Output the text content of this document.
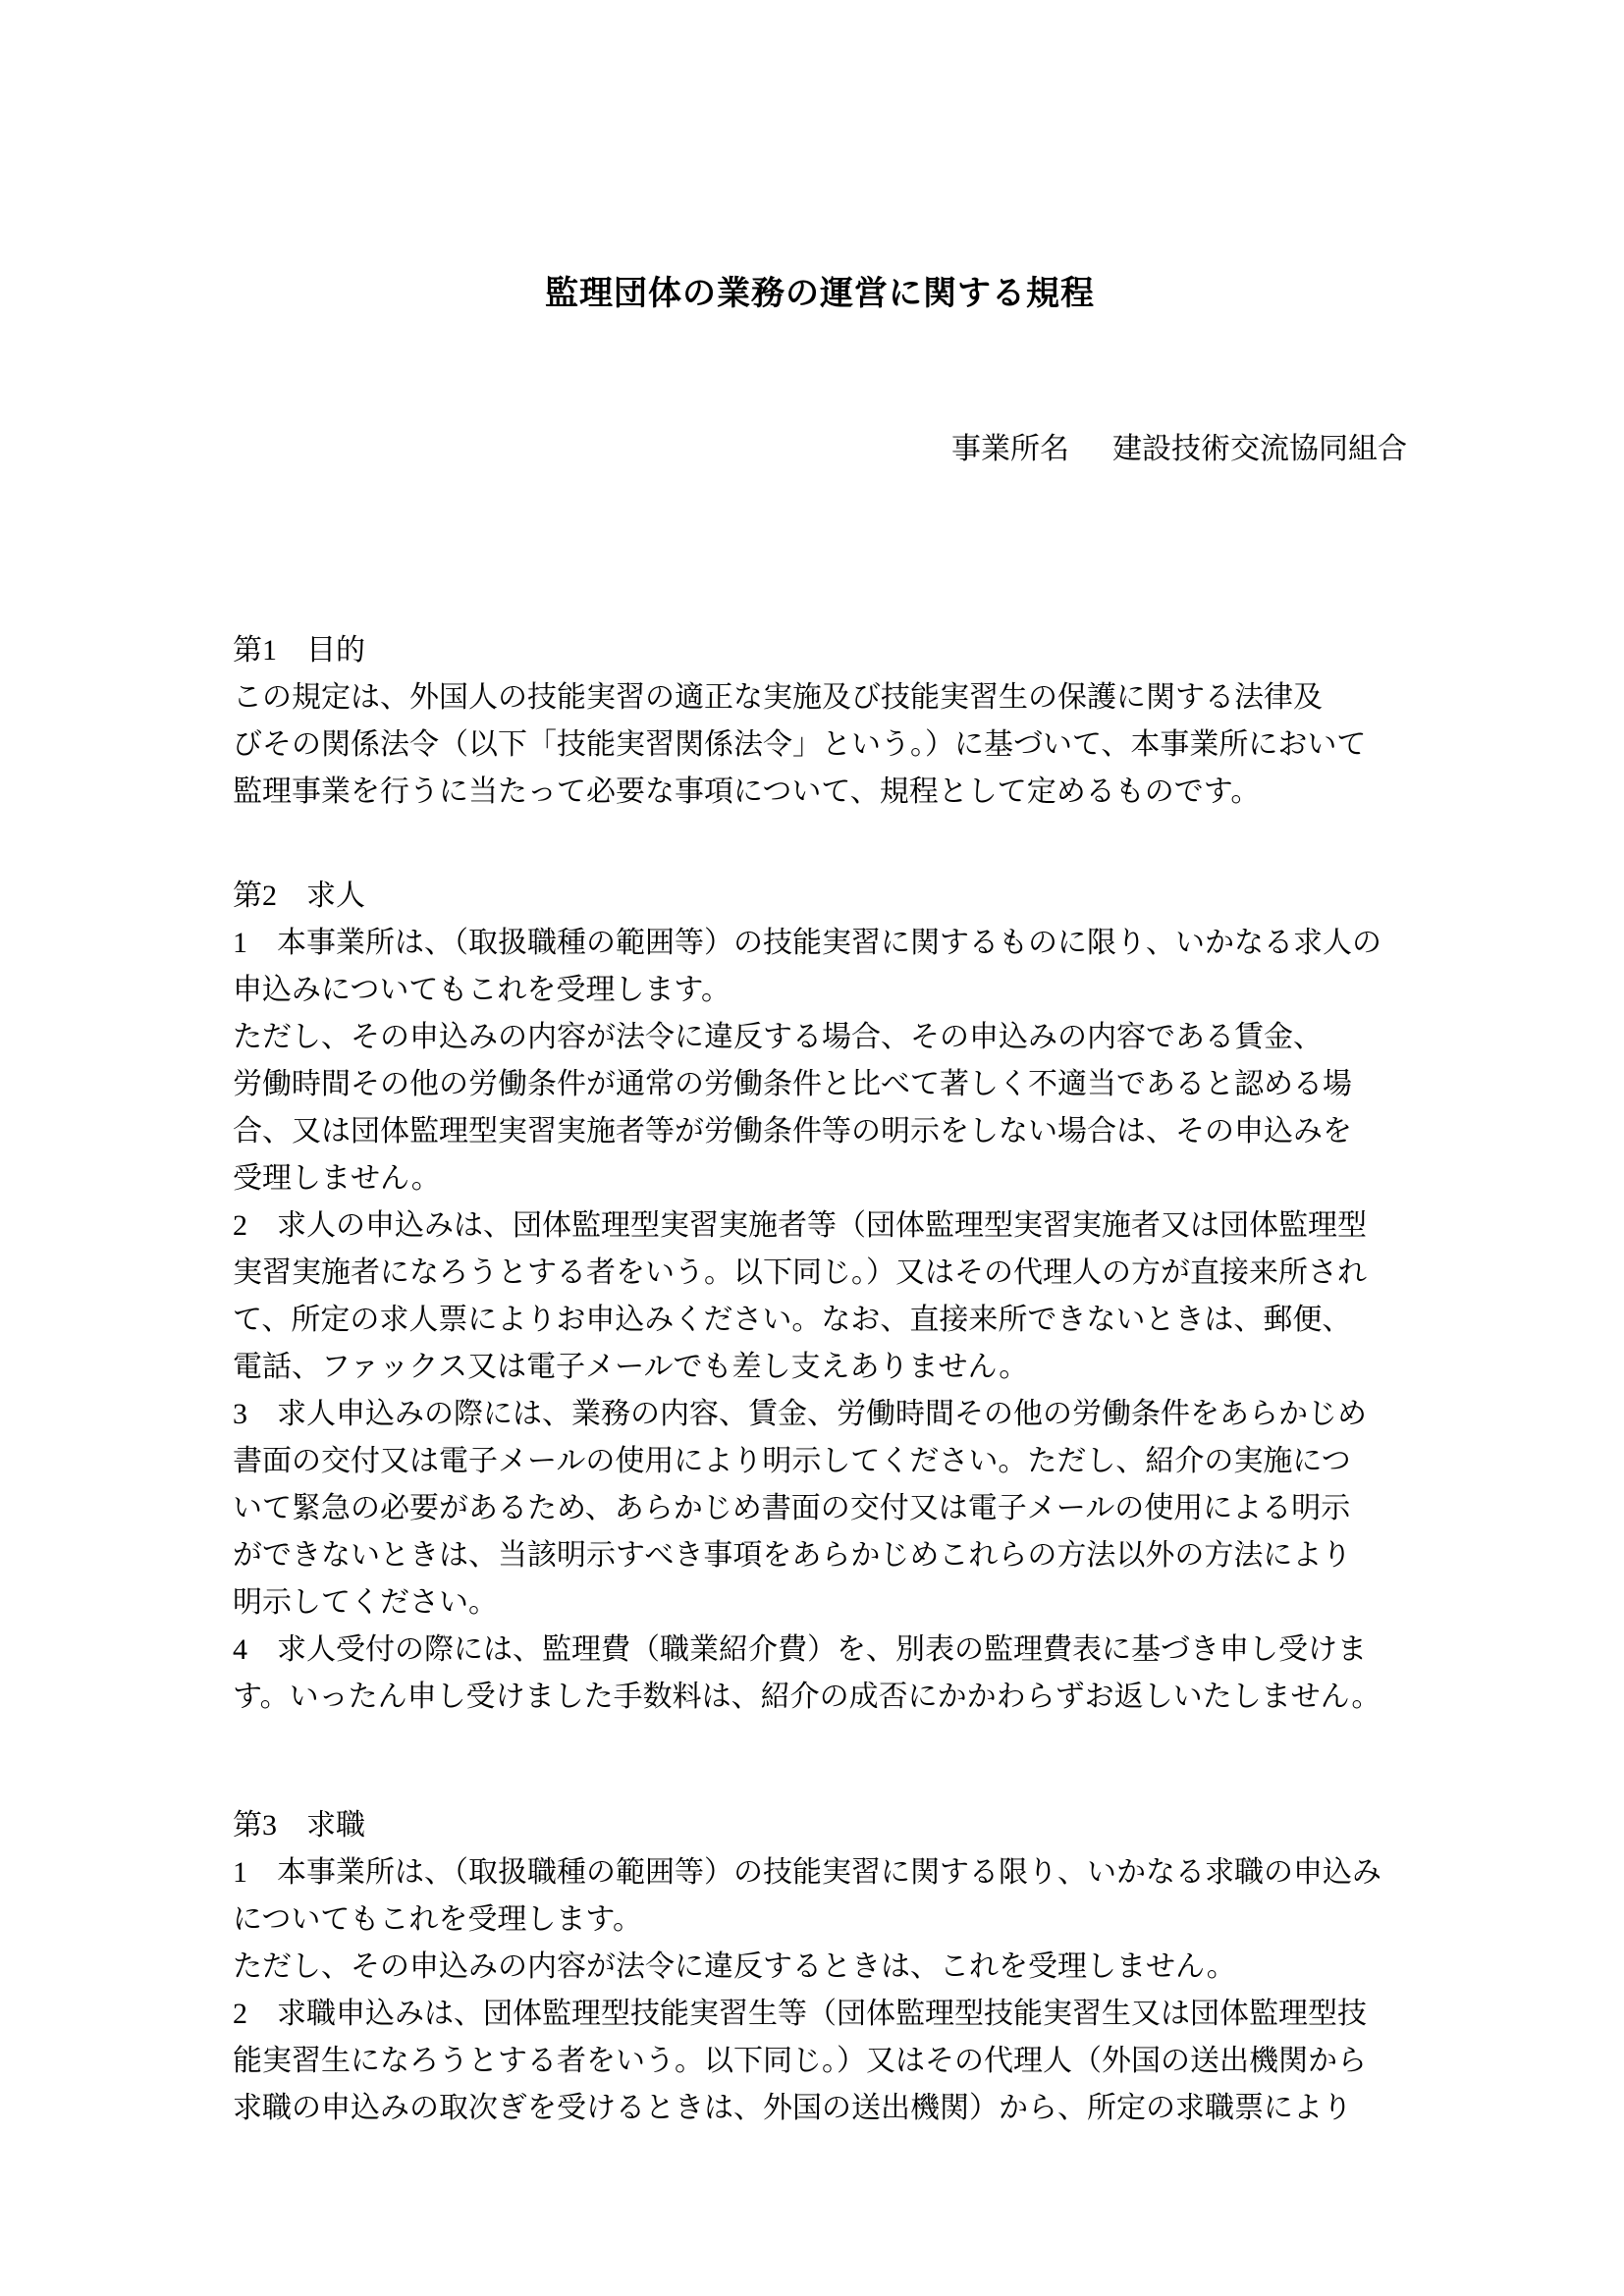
監理団体の業務の運営に関する規程

事業所名 建設技術交流協同組合

第1　目的
この規定は、外国人の技能実習の適正な実施及び技能実習生の保護に関する法律及
びその関係法令（以下「技能実習関係法令」という。）に基づいて、本事業所において
監理事業を行うに当たって必要な事項について、規程として定めるものです。
第2　求人
1　本事業所は、（取扱職種の範囲等）の技能実習に関するものに限り、いかなる求人の
申込みについてもこれを受理します。
ただし、その申込みの内容が法令に違反する場合、その申込みの内容である賃金、
労働時間その他の労働条件が通常の労働条件と比べて著しく不適当であると認める場
合、又は団体監理型実習実施者等が労働条件等の明示をしない場合は、その申込みを
受理しません。
2　求人の申込みは、団体監理型実習実施者等（団体監理型実習実施者又は団体監理型
実習実施者になろうとする者をいう。以下同じ。）又はその代理人の方が直接来所され
て、所定の求人票によりお申込みください。なお、直接来所できないときは、郵便、
電話、ファックス又は電子メールでも差し支えありません。
3　求人申込みの際には、業務の内容、賃金、労働時間その他の労働条件をあらかじめ
書面の交付又は電子メールの使用により明示してください。ただし、紹介の実施につ
いて緊急の必要があるため、あらかじめ書面の交付又は電子メールの使用による明示
ができないときは、当該明示すべき事項をあらかじめこれらの方法以外の方法により
明示してください。
4　求人受付の際には、監理費（職業紹介費）を、別表の監理費表に基づき申し受けま
す。いったん申し受けました手数料は、紹介の成否にかかわらずお返しいたしません。
第3　求職
1　本事業所は、（取扱職種の範囲等）の技能実習に関する限り、いかなる求職の申込み
についてもこれを受理します。
ただし、その申込みの内容が法令に違反するときは、これを受理しません。
2　求職申込みは、団体監理型技能実習生等（団体監理型技能実習生又は団体監理型技
能実習生になろうとする者をいう。以下同じ。）又はその代理人（外国の送出機関から
求職の申込みの取次ぎを受けるときは、外国の送出機関）から、所定の求職票により
